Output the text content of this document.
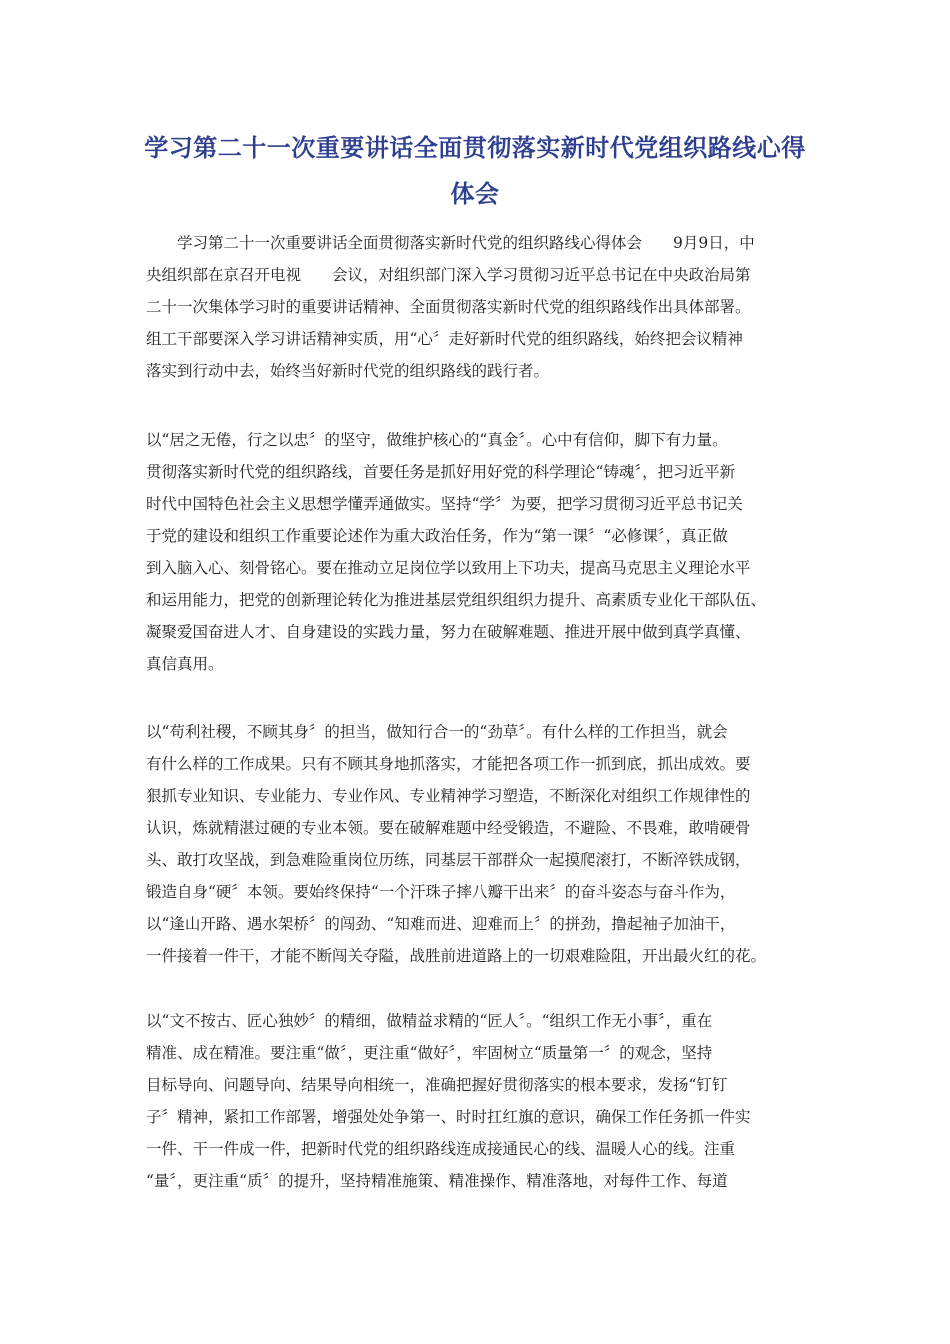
学习第二十一次重要讲话全面贯彻落实新时代党组织路线心得
体会
　　学习第二十一次重要讲话全面贯彻落实新时代党的组织路线心得体会　　9月9日，中
央组织部在京召开电视　　会议，对组织部门深入学习贯彻习近平总书记在中央政治局第
二十一次集体学习时的重要讲话精神、全面贯彻落实新时代党的组织路线作出具体部署。
组工干部要深入学习讲话精神实质，用“心〞走好新时代党的组织路线，始终把会议精神
落实到行动中去，始终当好新时代党的组织路线的践行者。
以“居之无倦，行之以忠〞的坚守，做维护核心的“真金〞。心中有信仰，脚下有力量。
贯彻落实新时代党的组织路线，首要任务是抓好用好党的科学理论“铸魂〞，把习近平新
时代中国特色社会主义思想学懂弄通做实。坚持“学〞为要，把学习贯彻习近平总书记关
于党的建设和组织工作重要论述作为重大政治任务，作为“第一课〞“必修课〞，真正做
到入脑入心、刻骨铭心。要在推动立足岗位学以致用上下功夫，提高马克思主义理论水平
和运用能力，把党的创新理论转化为推进基层党组织组织力提升、高素质专业化干部队伍、
凝聚爱国奋进人才、自身建设的实践力量，努力在破解难题、推进开展中做到真学真懂、
真信真用。
以“苟利社稷，不顾其身〞的担当，做知行合一的“劲草〞。有什么样的工作担当，就会
有什么样的工作成果。只有不顾其身地抓落实，才能把各项工作一抓到底，抓出成效。要
狠抓专业知识、专业能力、专业作风、专业精神学习塑造，不断深化对组织工作规律性的
认识，炼就精湛过硬的专业本领。要在破解难题中经受锻造，不避险、不畏难，敢啃硬骨
头、敢打攻坚战，到急难险重岗位历练，同基层干部群众一起摸爬滚打，不断淬铁成钢，
锻造自身“硬〞本领。要始终保持“一个汗珠子摔八瓣干出来〞的奋斗姿态与奋斗作为，
以“逢山开路、遇水架桥〞的闯劲、“知难而进、迎难而上〞的拼劲，撸起袖子加油干，
一件接着一件干，才能不断闯关夺隘，战胜前进道路上的一切艰难险阻，开出最火红的花。
以“文不按古、匠心独妙〞的精细，做精益求精的“匠人〞。“组织工作无小事〞，重在
精准、成在精准。要注重“做〞，更注重“做好〞，牢固树立“质量第一〞的观念，坚持
目标导向、问题导向、结果导向相统一，准确把握好贯彻落实的根本要求，发扬“钉钉
子〞精神，紧扣工作部署，增强处处争第一、时时扛红旗的意识，确保工作任务抓一件实
一件、干一件成一件，把新时代党的组织路线连成接通民心的线、温暖人心的线。注重
“量〞，更注重“质〞的提升，坚持精准施策、精准操作、精准落地，对每件工作、每道
